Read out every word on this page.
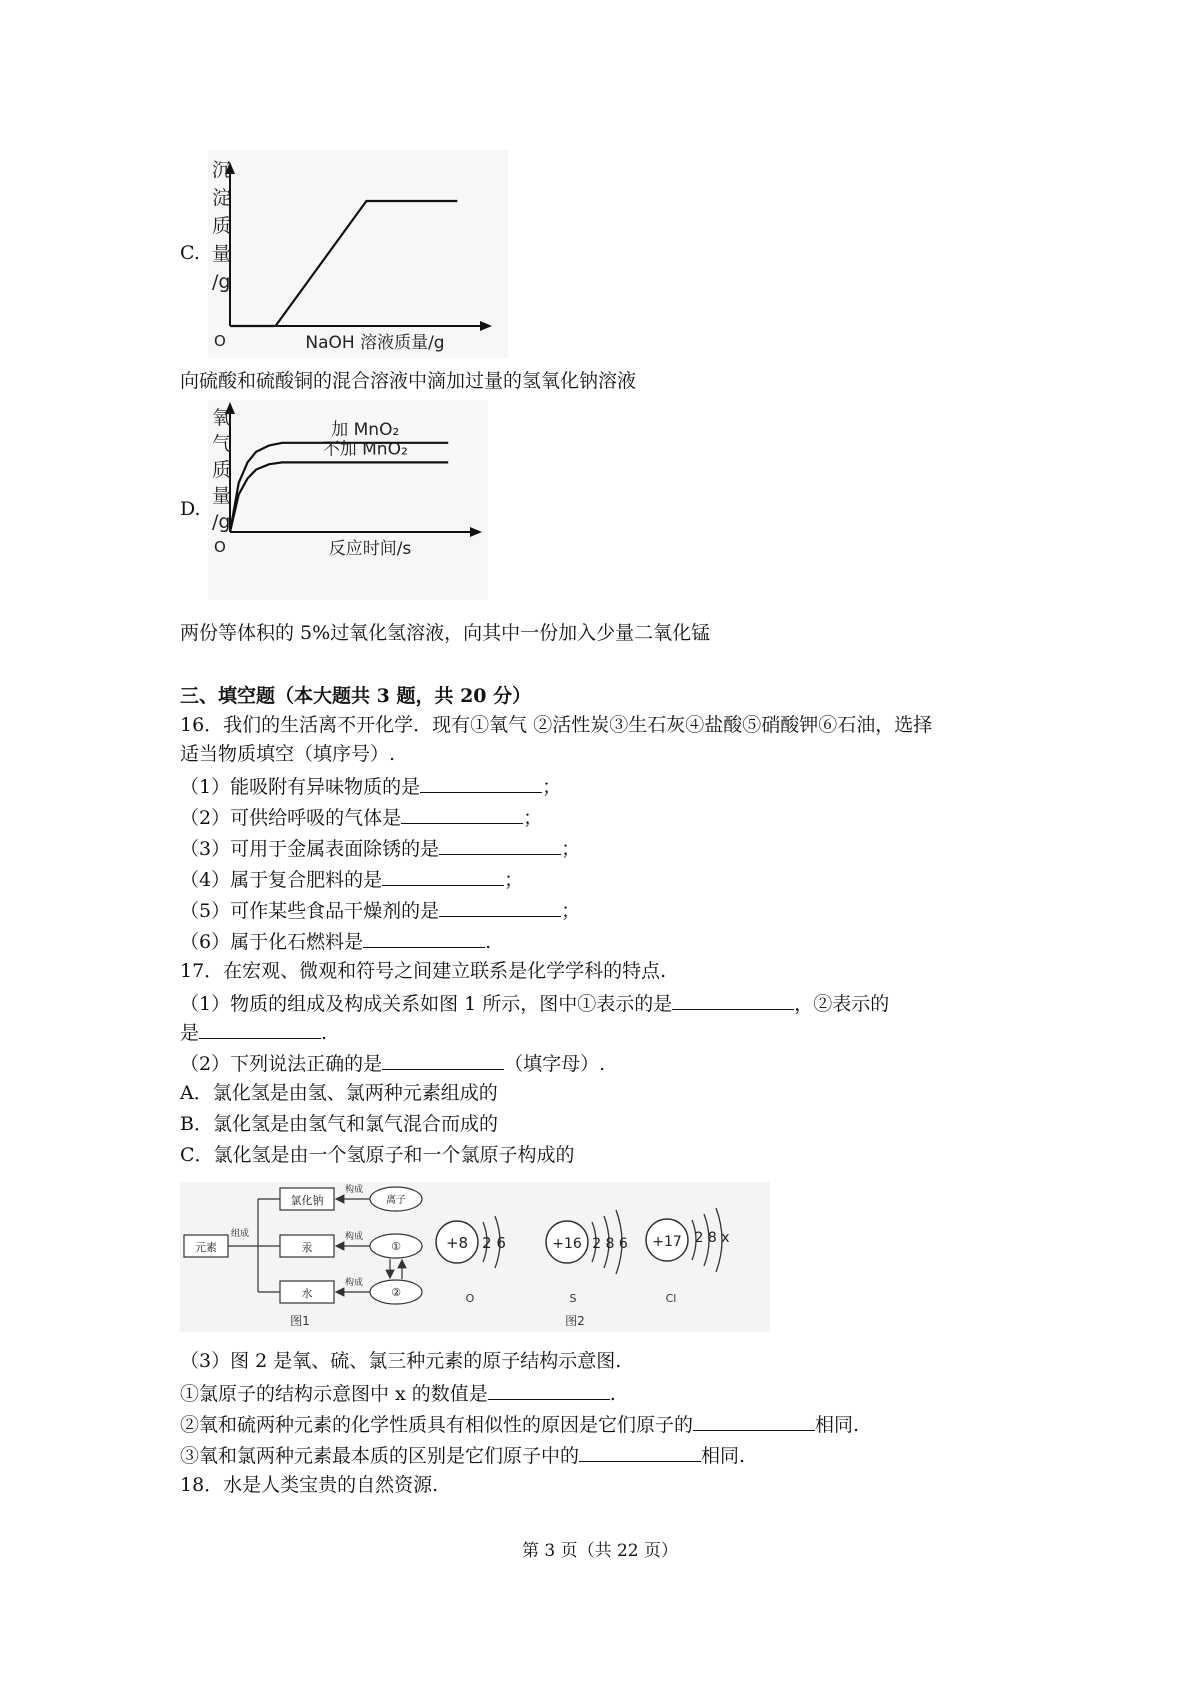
O
沉
淀
质
量
/g
NaOH 溶液质量/g
C.
向硫酸和硫酸铜的混合溶液中滴加过量的氢氧化钠溶液
O
氧
气
质
量
/g
反应时间/s
加 MnO₂
不加 MnO₂
D.
两份等体积的 5%过氧化氢溶液，向其中一份加入少量二氧化锰
三、填空题（本大题共 3 题，共 20 分）
16．我们的生活离不开化学．现有①氧气 ②活性炭③生石灰④盐酸⑤硝酸钾⑥石油，选择
适当物质填空（填序号）.
（1）能吸附有异味物质的是	；
（2）可供给呼吸的气体是	；
（3）可用于金属表面除锈的是	；
（4）属于复合肥料的是	；
（5）可作某些食品干燥剂的是	；
（6）属于化石燃料是	.
17．在宏观、微观和符号之间建立联系是化学学科的特点.
（1）物质的组成及构成关系如图 1 所示，图中①表示的是	，②表示的
是	.
（2）下列说法正确的是	（填字母）.
A．氯化氢是由氢、氯两种元素组成的
B．氯化氢是由氢气和氯气混合而成的
C．氯化氢是由一个氢原子和一个氯原子构成的
元素
组成
氯化钠
汞
水
构成
构成
构成
离子
①
②
图1
+8 2 6
O
+16 2 8 6
S
+17 2 8 x
Cl
图2
（3）图 2 是氧、硫、氯三种元素的原子结构示意图.
①氯原子的结构示意图中 x 的数值是	.
②氧和硫两种元素的化学性质具有相似性的原因是它们原子的	相同.
③氧和氯两种元素最本质的区别是它们原子中的	相同.
18．水是人类宝贵的自然资源.
第 3 页（共 22 页）
